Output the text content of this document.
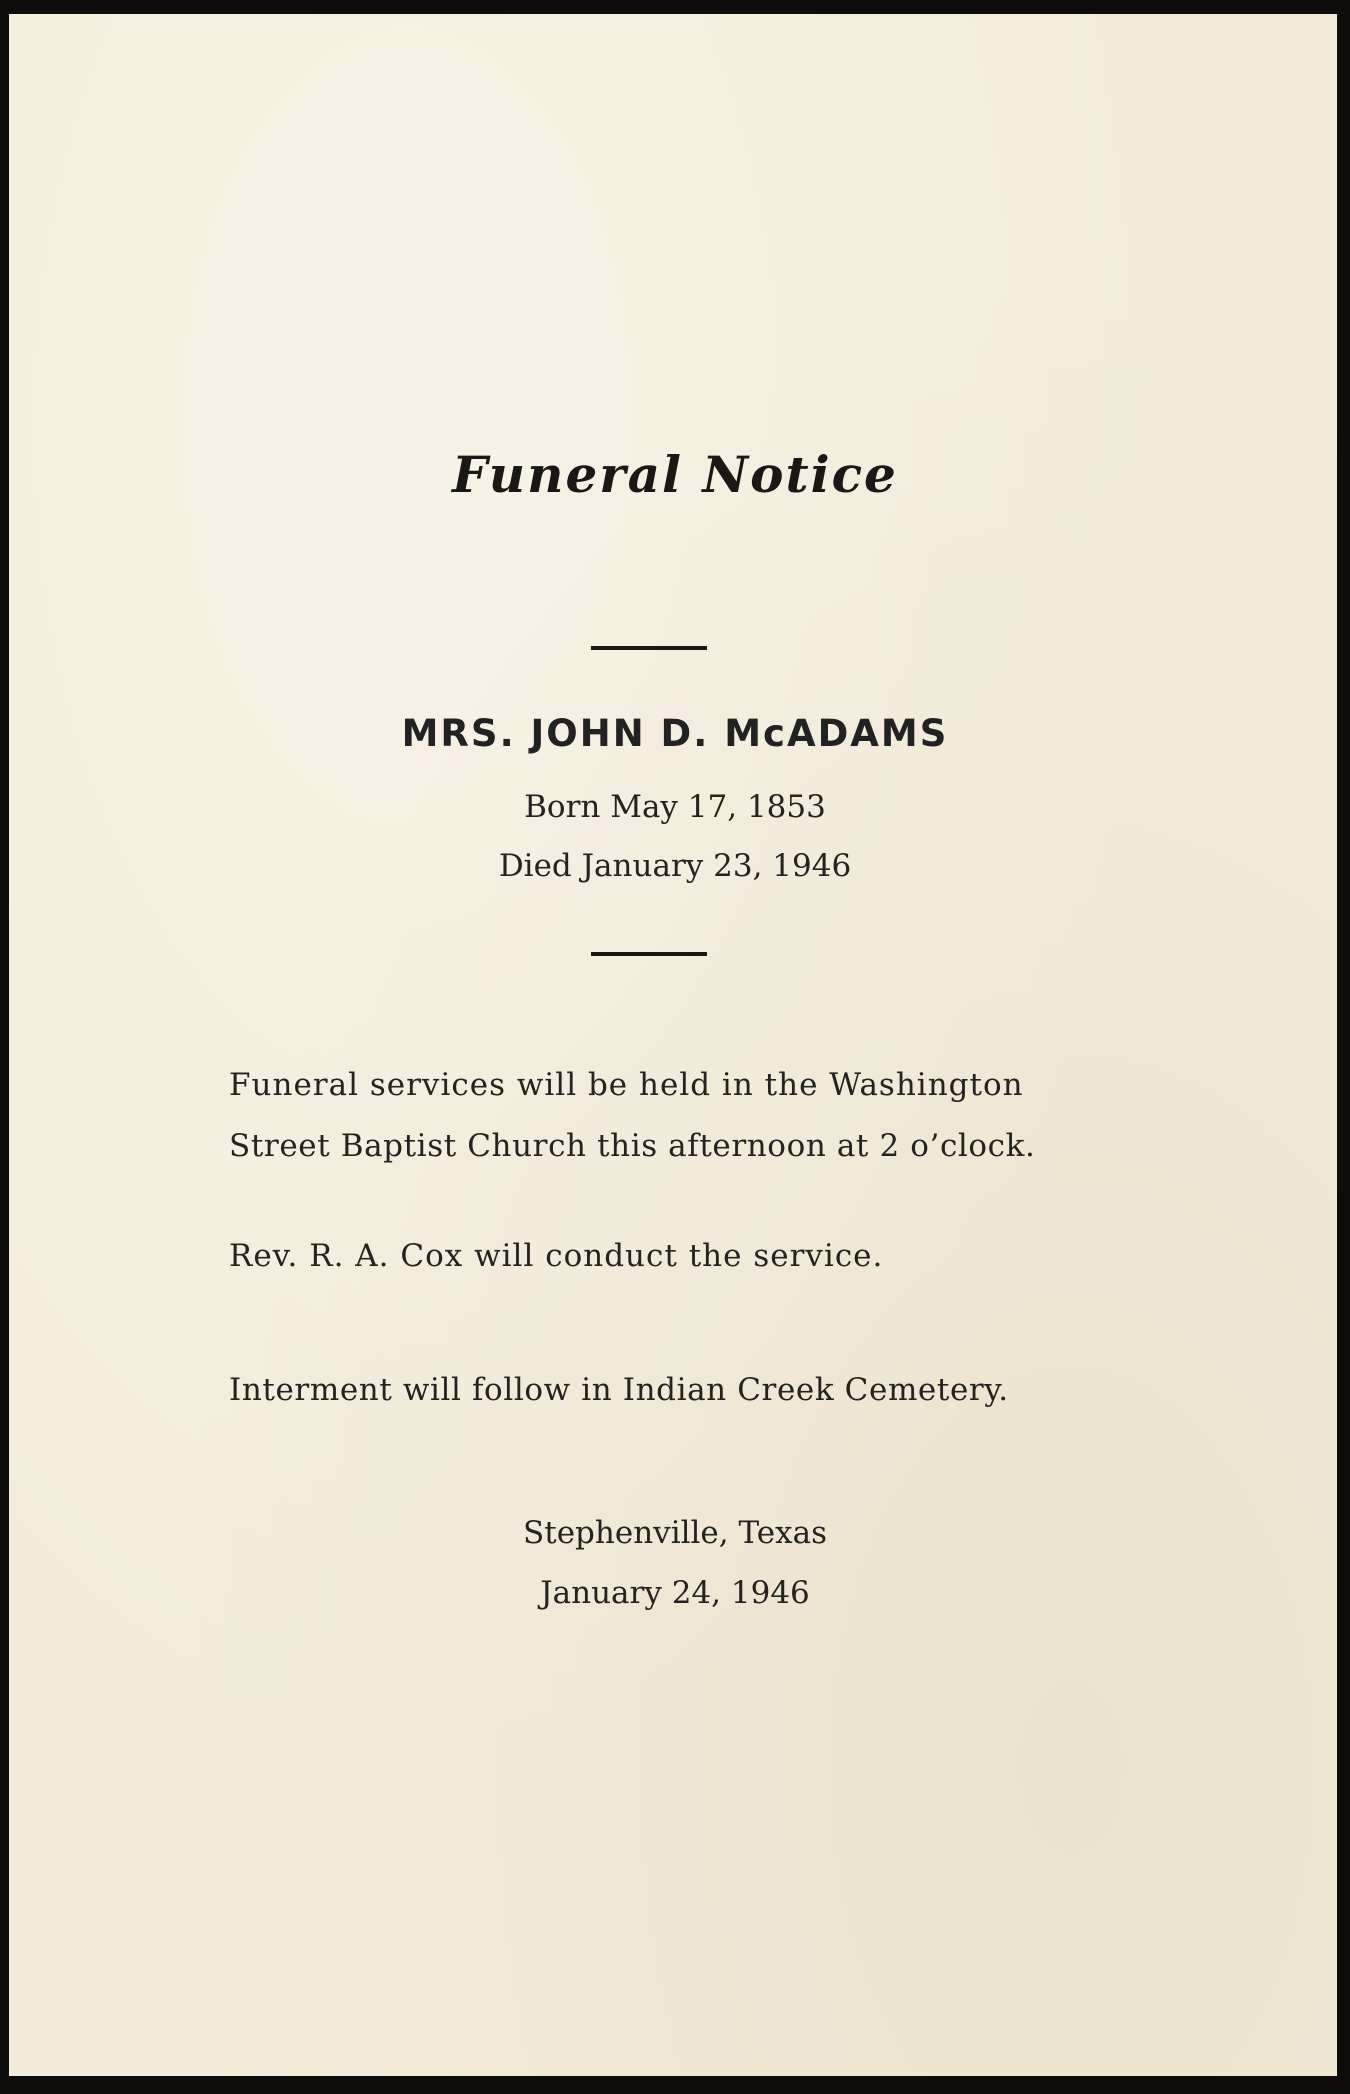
Funeral Notice
MRS. JOHN D. McADAMS

Born May 17, 1853

Died January 23, 1946

Funeral services will be held in the Washington

Street Baptist Church this afternoon at 2 o’clock.

Rev. R. A. Cox will conduct the service.

Interment will follow in Indian Creek Cemetery.

Stephenville, Texas

January 24, 1946
